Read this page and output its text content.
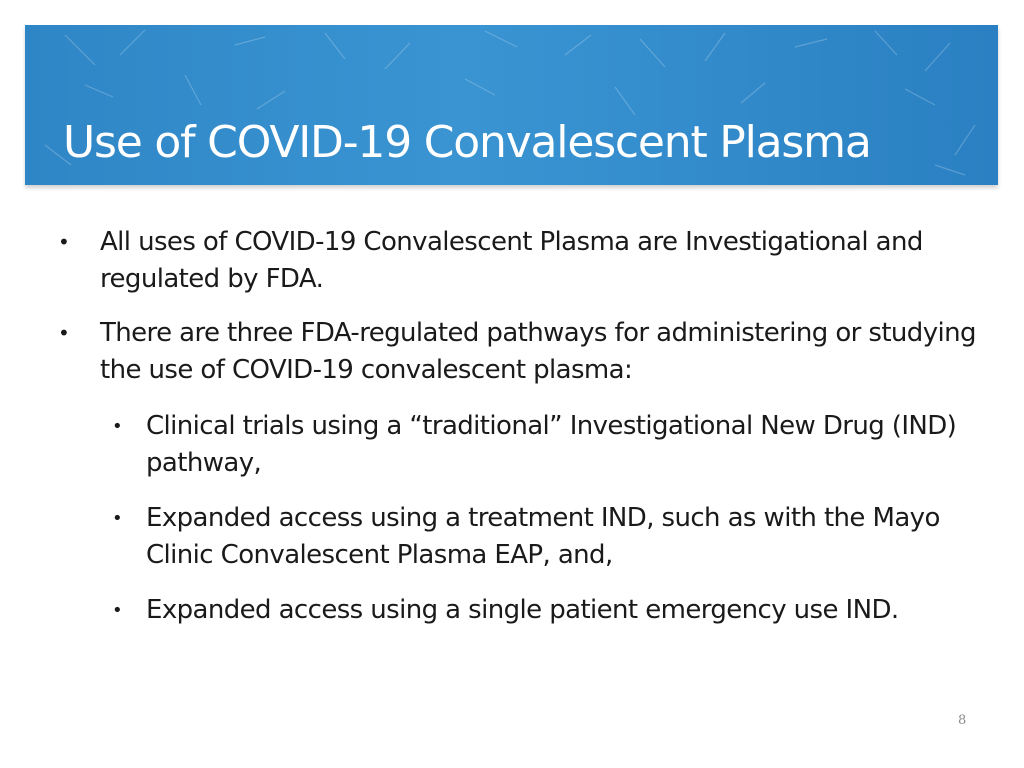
Use of COVID-19 Convalescent Plasma
• All uses of COVID-19 Convalescent Plasma are Investigational and regulated by FDA.
• There are three FDA-regulated pathways for administering or studying the use of COVID-19 convalescent plasma:
• Clinical trials using a “traditional” Investigational New Drug (IND) pathway,
• Expanded access using a treatment IND, such as with the Mayo Clinic Convalescent Plasma EAP, and,
• Expanded access using a single patient emergency use IND.
8
